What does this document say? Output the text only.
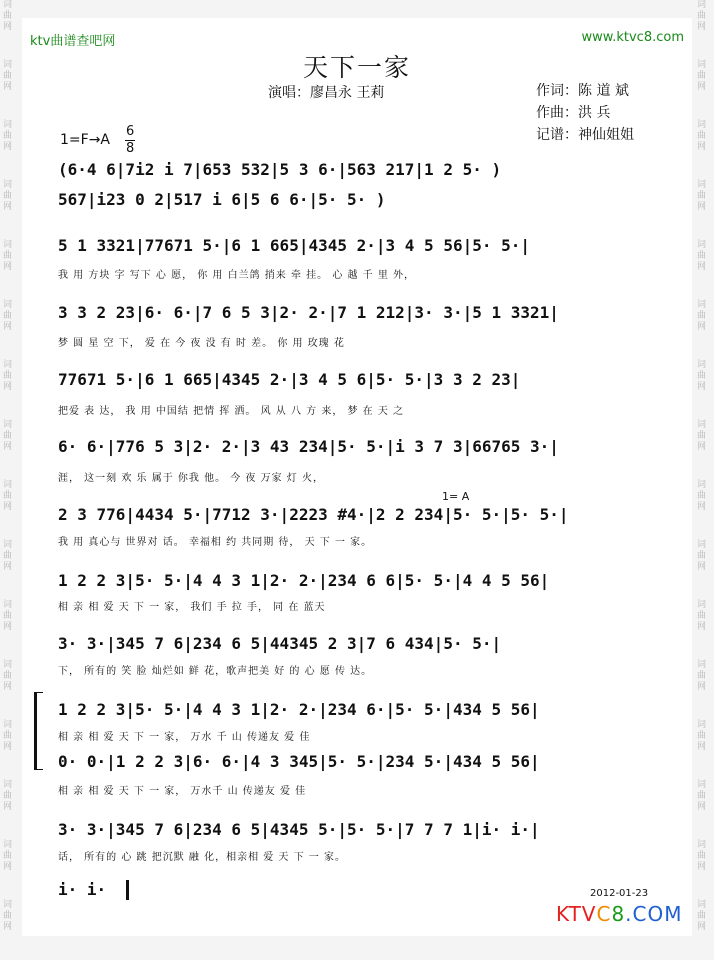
词
曲
网
词
曲
网
词
曲
网
词
曲
网
词
曲
网
词
曲
网
词
曲
网
词
曲
网
词
曲
网
词
曲
网
词
曲
网
词
曲
网
词
曲
网
词
曲
网
词
曲
网
词
曲
网
词
曲
网
词
曲
网
词
曲
网
词
曲
网
词
曲
网
词
曲
网
词
曲
网
词
曲
网
词
曲
网
词
曲
网
词
曲
网
词
曲
网
词
曲
网
词
曲
网
词
曲
网
词
曲
网
ktv曲谱查吧网	www.ktvc8.com
天下一家
演唱：廖昌永 王莉	作词：陈 道 斌
作曲：洪 兵
记谱：神仙姐姐
1=F→A
6
8
1= A
(6·4 6|7i2 i 7|653 532|5 3 6·|563 217|1 2 5· )
567|i23 0 2|517 i 6|5 6 6·|5· 5· )
5 1 3321|77671 5·|6 1 665|4345 2·|3 4 5 56|5· 5·|
我 用 方块 字 写下 心 愿， 你 用 白兰鸽 捎来 牵 挂。 心 越 千 里 外，
3 3 2 23|6· 6·|7 6 5 3|2· 2·|7 1 212|3· 3·|5 1 3321|
梦 圆 星 空 下， 爱 在 今 夜 没 有 时 差。 你 用 玫瑰 花
77671 5·|6 1 665|4345 2·|3 4 5 6|5· 5·|3 3 2 23|
把爱 表 达， 我 用 中国结 把情 挥 洒。 风 从 八 方 来， 梦 在 天 之
6· 6·|776 5 3|2· 2·|3 43 234|5· 5·|i 3 7 3|66765 3·|
涯， 这一刻 欢 乐 属于 你我 他。 今 夜 万家 灯 火，
2 3 776|4434 5·|7712 3·|2223 #4·|2 2 234|5· 5·|5· 5·|
我 用 真心与 世界对 话。 幸福相 约 共同期 待， 天 下 一 家。
1 2 2 3|5· 5·|4 4 3 1|2· 2·|234 6 6|5· 5·|4 4 5 56|
相 亲 相 爱 天 下 一 家， 我们 手 拉 手， 同 在 蓝天
3· 3·|345 7 6|234 6 5|44345 2 3|7 6 434|5· 5·|
下， 所有的 笑 脸 灿烂如 鲜 花，歌声把美 好 的 心 愿 传 达。
1 2 2 3|5· 5·|4 4 3 1|2· 2·|234 6·|5· 5·|434 5 56|
相 亲 相 爱 天 下 一 家， 万水 千 山 传递友 爱 佳
0· 0·|1 2 2 3|6· 6·|4 3 345|5· 5·|234 5·|434 5 56|
相 亲 相 爱 天 下 一 家， 万水千 山 传递友 爱 佳
3· 3·|345 7 6|234 6 5|4345 5·|5· 5·|7 7 7 1|i· i·|
话， 所有的 心 跳 把沉默 融 化，相亲相 爱 天 下 一 家。
i· i·	2012-01-23
KTVC8.COM
